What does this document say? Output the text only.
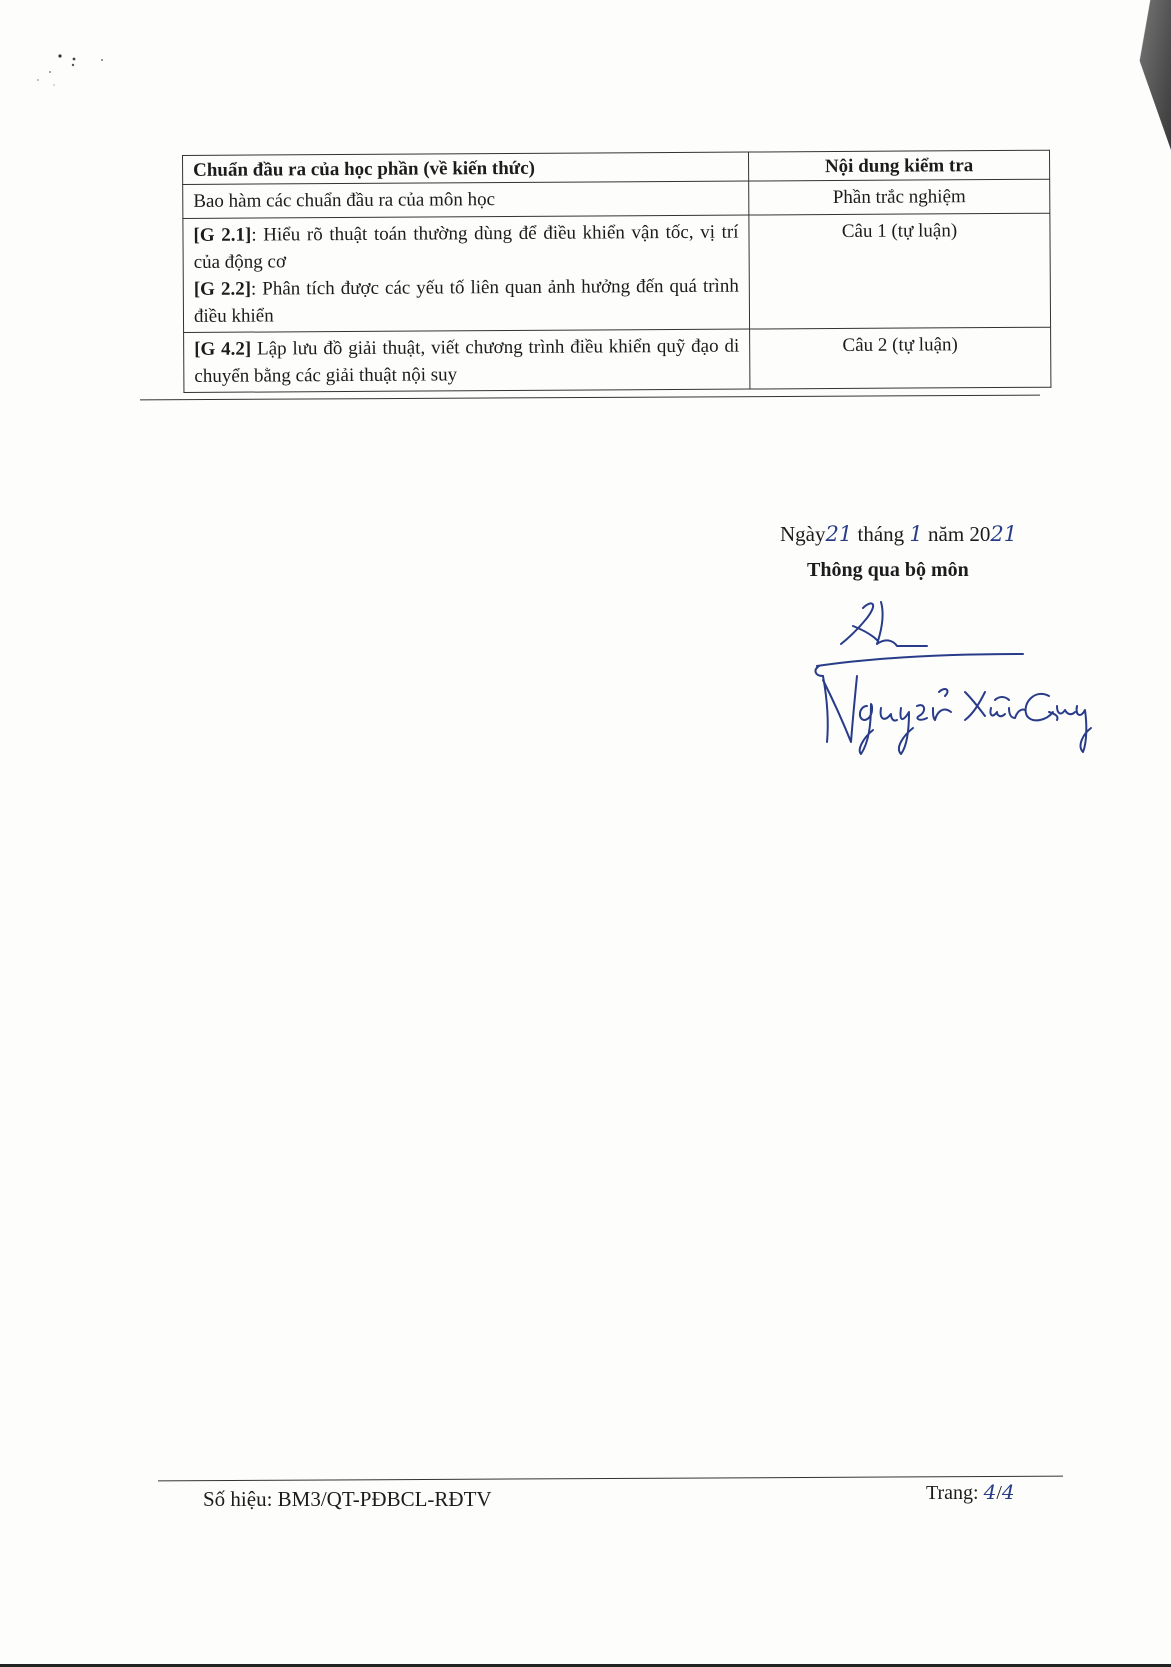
Chuẩn đầu ra của học phần (về kiến thức)	Nội dung kiểm tra
Bao hàm các chuẩn đầu ra của môn học	Phần trắc nghiệm
[G 2.1]: Hiểu rõ thuật toán thường dùng để điều khiển vận tốc, vị trí của động cơ
[G 2.2]: Phân tích được các yếu tố liên quan ảnh hưởng đến quá trình điều khiển	Câu 1 (tự luận)
[G 4.2] Lập lưu đồ giải thuật, viết chương trình điều khiển quỹ đạo di chuyển bằng các giải thuật nội suy	Câu 2 (tự luận)
Ngày21 tháng 1 năm 2021
Thông qua bộ môn
Số hiệu: BM3/QT-PĐBCL-RĐTV	Trang: 4/4
